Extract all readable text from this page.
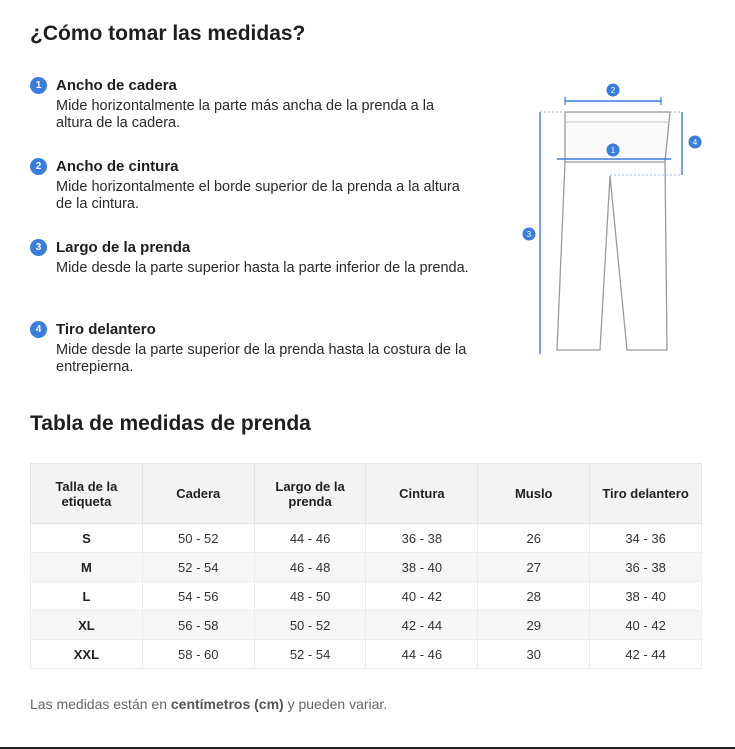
¿Cómo tomar las medidas?
1 Ancho de cadera
Mide horizontalmente la parte más ancha de la prenda a la altura de la cadera.
2 Ancho de cintura
Mide horizontalmente el borde superior de la prenda a la altura de la cintura.
3 Largo de la prenda
Mide desde la parte superior hasta la parte inferior de la prenda.
4 Tiro delantero
Mide desde la parte superior de la prenda hasta la costura de la entrepierna.
2
4
1
3
Tabla de medidas de prenda
Talla de la etiqueta	Cadera	Largo de la prenda	Cintura	Muslo	Tiro delantero
S	50 - 52	44 - 46	36 - 38	26	34 - 36
M	52 - 54	46 - 48	38 - 40	27	36 - 38
L	54 - 56	48 - 50	40 - 42	28	38 - 40
XL	56 - 58	50 - 52	42 - 44	29	40 - 42
XXL	58 - 60	52 - 54	44 - 46	30	42 - 44
Las medidas están en centímetros (cm) y pueden variar.
